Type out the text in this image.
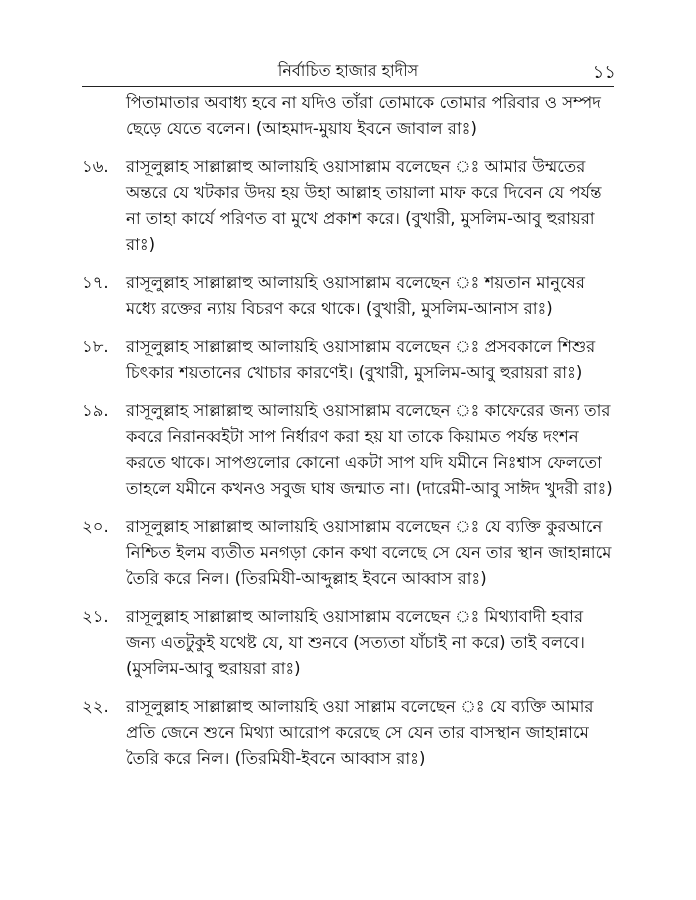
নির্বাচিত হাজার হাদীস	১১

পিতামাতার অবাধ্য হবে না যদিও তাঁরা তোমাকে তোমার পরিবার ও সম্পদ ছেড়ে যেতে বলেন। (আহমাদ-মুয়ায ইবনে জাবাল রাঃ)

১৬.	রাসূলুল্লাহ সাল্লাল্লাহু আলায়হি ওয়াসাল্লাম বলেছেন ঃ আমার উম্মতের অন্তরে যে খটকার উদয় হয় উহা আল্লাহ তায়ালা মাফ করে দিবেন যে পর্যন্ত না তাহা কার্যে পরিণত বা মুখে প্রকাশ করে। (বুখারী, মুসলিম-আবু হুরায়রা রাঃ)
১৭.	রাসূলুল্লাহ সাল্লাল্লাহু আলায়হি ওয়াসাল্লাম বলেছেন ঃ শয়তান মানুষের মধ্যে রক্তের ন্যায় বিচরণ করে থাকে। (বুখারী, মুসলিম-আনাস রাঃ)
১৮.	রাসূলুল্লাহ সাল্লাল্লাহু আলায়হি ওয়াসাল্লাম বলেছেন ঃ প্রসবকালে শিশুর চিৎকার শয়তানের খোচার কারণেই। (বুখারী, মুসলিম-আবু হুরায়রা রাঃ)
১৯.	রাসূলুল্লাহ সাল্লাল্লাহু আলায়হি ওয়াসাল্লাম বলেছেন ঃ কাফেরের জন্য তার কবরে নিরানব্বইটা সাপ নির্ধারণ করা হয় যা তাকে কিয়ামত পর্যন্ত দংশন করতে থাকে। সাপগুলোর কোনো একটা সাপ যদি যমীনে নিঃশ্বাস ফেলতো তাহলে যমীনে কখনও সবুজ ঘাষ জন্মাত না। (দারেমী-আবু সাঈদ খুদরী রাঃ)
২০.	রাসূলুল্লাহ সাল্লাল্লাহু আলায়হি ওয়াসাল্লাম বলেছেন ঃ যে ব্যক্তি কুরআনে নিশ্চিত ইলম ব্যতীত মনগড়া কোন কথা বলেছে সে যেন তার স্থান জাহান্নামে তৈরি করে নিল। (তিরমিযী-আব্দুল্লাহ ইবনে আব্বাস রাঃ)
২১.	রাসূলুল্লাহ সাল্লাল্লাহু আলায়হি ওয়াসাল্লাম বলেছেন ঃ মিথ্যাবাদী হবার জন্য এতটুকুই যথেষ্ট যে, যা শুনবে (সত্যতা যাঁচাই না করে) তাই বলবে। (মুসলিম-আবু হুরায়রা রাঃ)
২২.	রাসূলুল্লাহ সাল্লাল্লাহু আলায়হি ওয়া সাল্লাম বলেছেন ঃ যে ব্যক্তি আমার প্রতি জেনে শুনে মিথ্যা আরোপ করেছে সে যেন তার বাসস্থান জাহান্নামে তৈরি করে নিল। (তিরমিযী-ইবনে আব্বাস রাঃ)
